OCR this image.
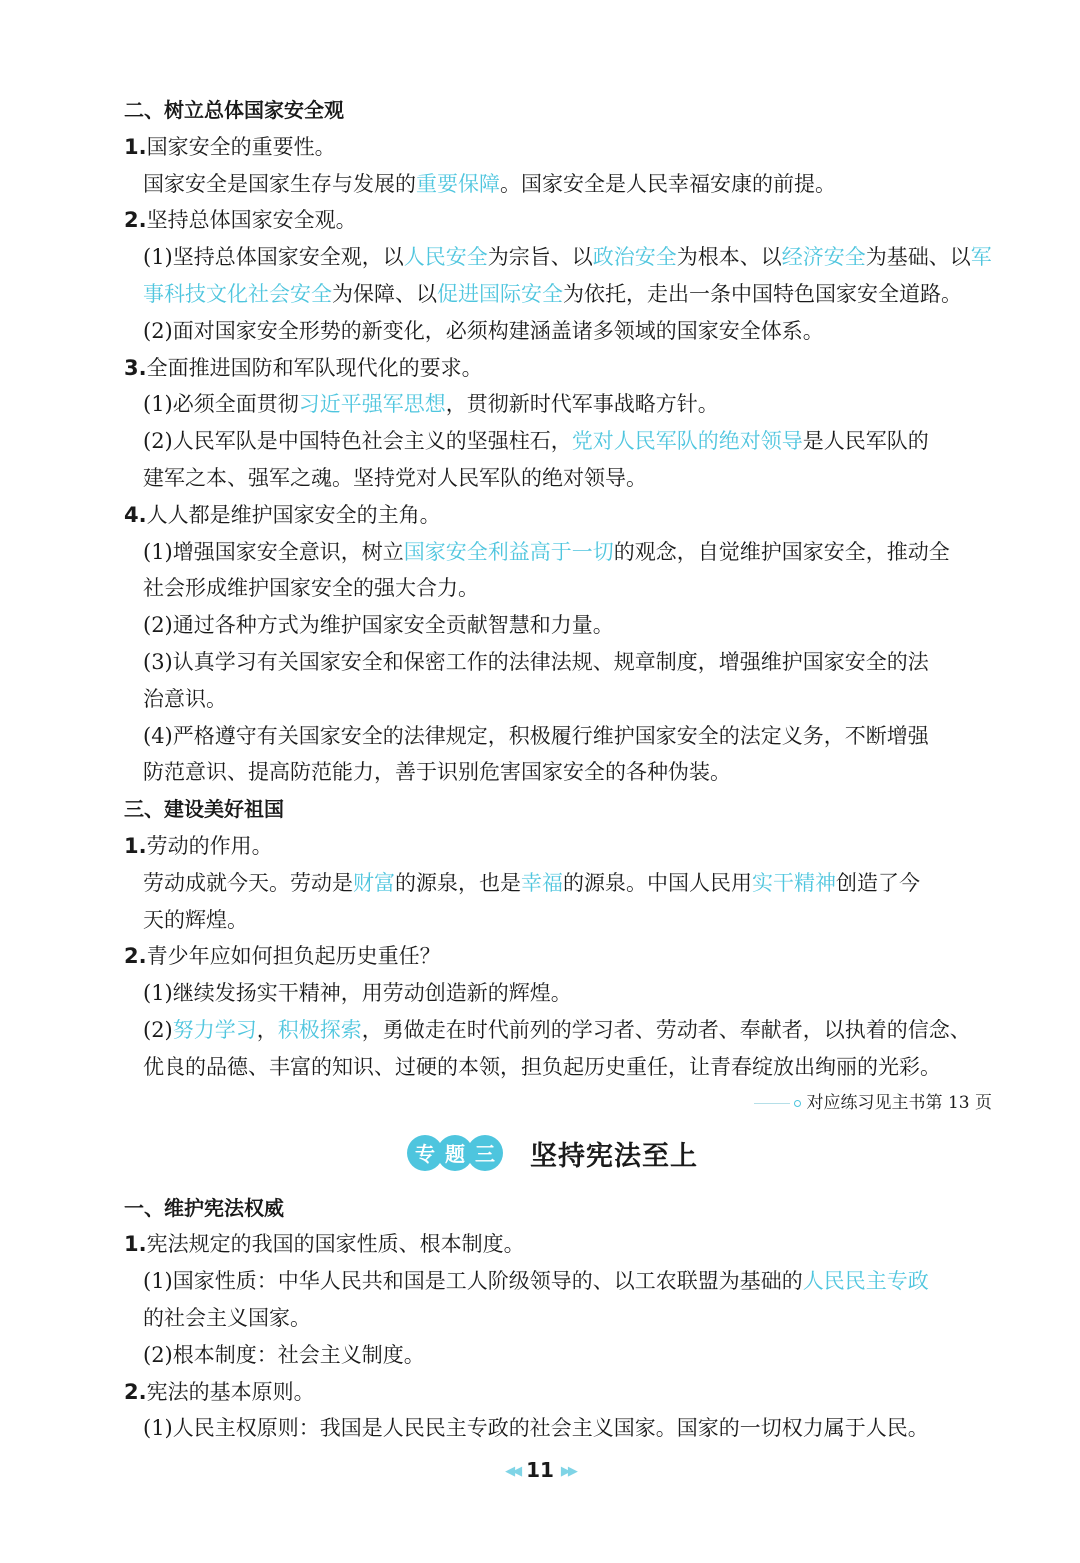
二、树立总体国家安全观
1.国家安全的重要性。
国家安全是国家生存与发展的重要保障。国家安全是人民幸福安康的前提。
2.坚持总体国家安全观。
(1)坚持总体国家安全观，以人民安全为宗旨、以政治安全为根本、以经济安全为基础、以军
事科技文化社会安全为保障、以促进国际安全为依托，走出一条中国特色国家安全道路。
(2)面对国家安全形势的新变化，必须构建涵盖诸多领域的国家安全体系。
3.全面推进国防和军队现代化的要求。
(1)必须全面贯彻习近平强军思想，贯彻新时代军事战略方针。
(2)人民军队是中国特色社会主义的坚强柱石，党对人民军队的绝对领导是人民军队的
建军之本、强军之魂。坚持党对人民军队的绝对领导。
4.人人都是维护国家安全的主角。
(1)增强国家安全意识，树立国家安全利益高于一切的观念，自觉维护国家安全，推动全
社会形成维护国家安全的强大合力。
(2)通过各种方式为维护国家安全贡献智慧和力量。
(3)认真学习有关国家安全和保密工作的法律法规、规章制度，增强维护国家安全的法
治意识。
(4)严格遵守有关国家安全的法律规定，积极履行维护国家安全的法定义务，不断增强
防范意识、提高防范能力，善于识别危害国家安全的各种伪装。
三、建设美好祖国
1.劳动的作用。
劳动成就今天。劳动是财富的源泉，也是幸福的源泉。中国人民用实干精神创造了今
天的辉煌。
2.青少年应如何担负起历史重任？
(1)继续发扬实干精神，用劳动创造新的辉煌。
(2)努力学习，积极探索，勇做走在时代前列的学习者、劳动者、奉献者，以执着的信念、
优良的品德、丰富的知识、过硬的本领，担负起历史重任，让青春绽放出绚丽的光彩。
对应练习见主书第 13 页
专 题 三 坚持宪法至上
一、维护宪法权威
1.宪法规定的我国的国家性质、根本制度。
(1)国家性质：中华人民共和国是工人阶级领导的、以工农联盟为基础的人民民主专政
的社会主义国家。
(2)根本制度：社会主义制度。
2.宪法的基本原则。
(1)人民主权原则：我国是人民民主专政的社会主义国家。国家的一切权力属于人民。
◀◀ 11 ▶▶
